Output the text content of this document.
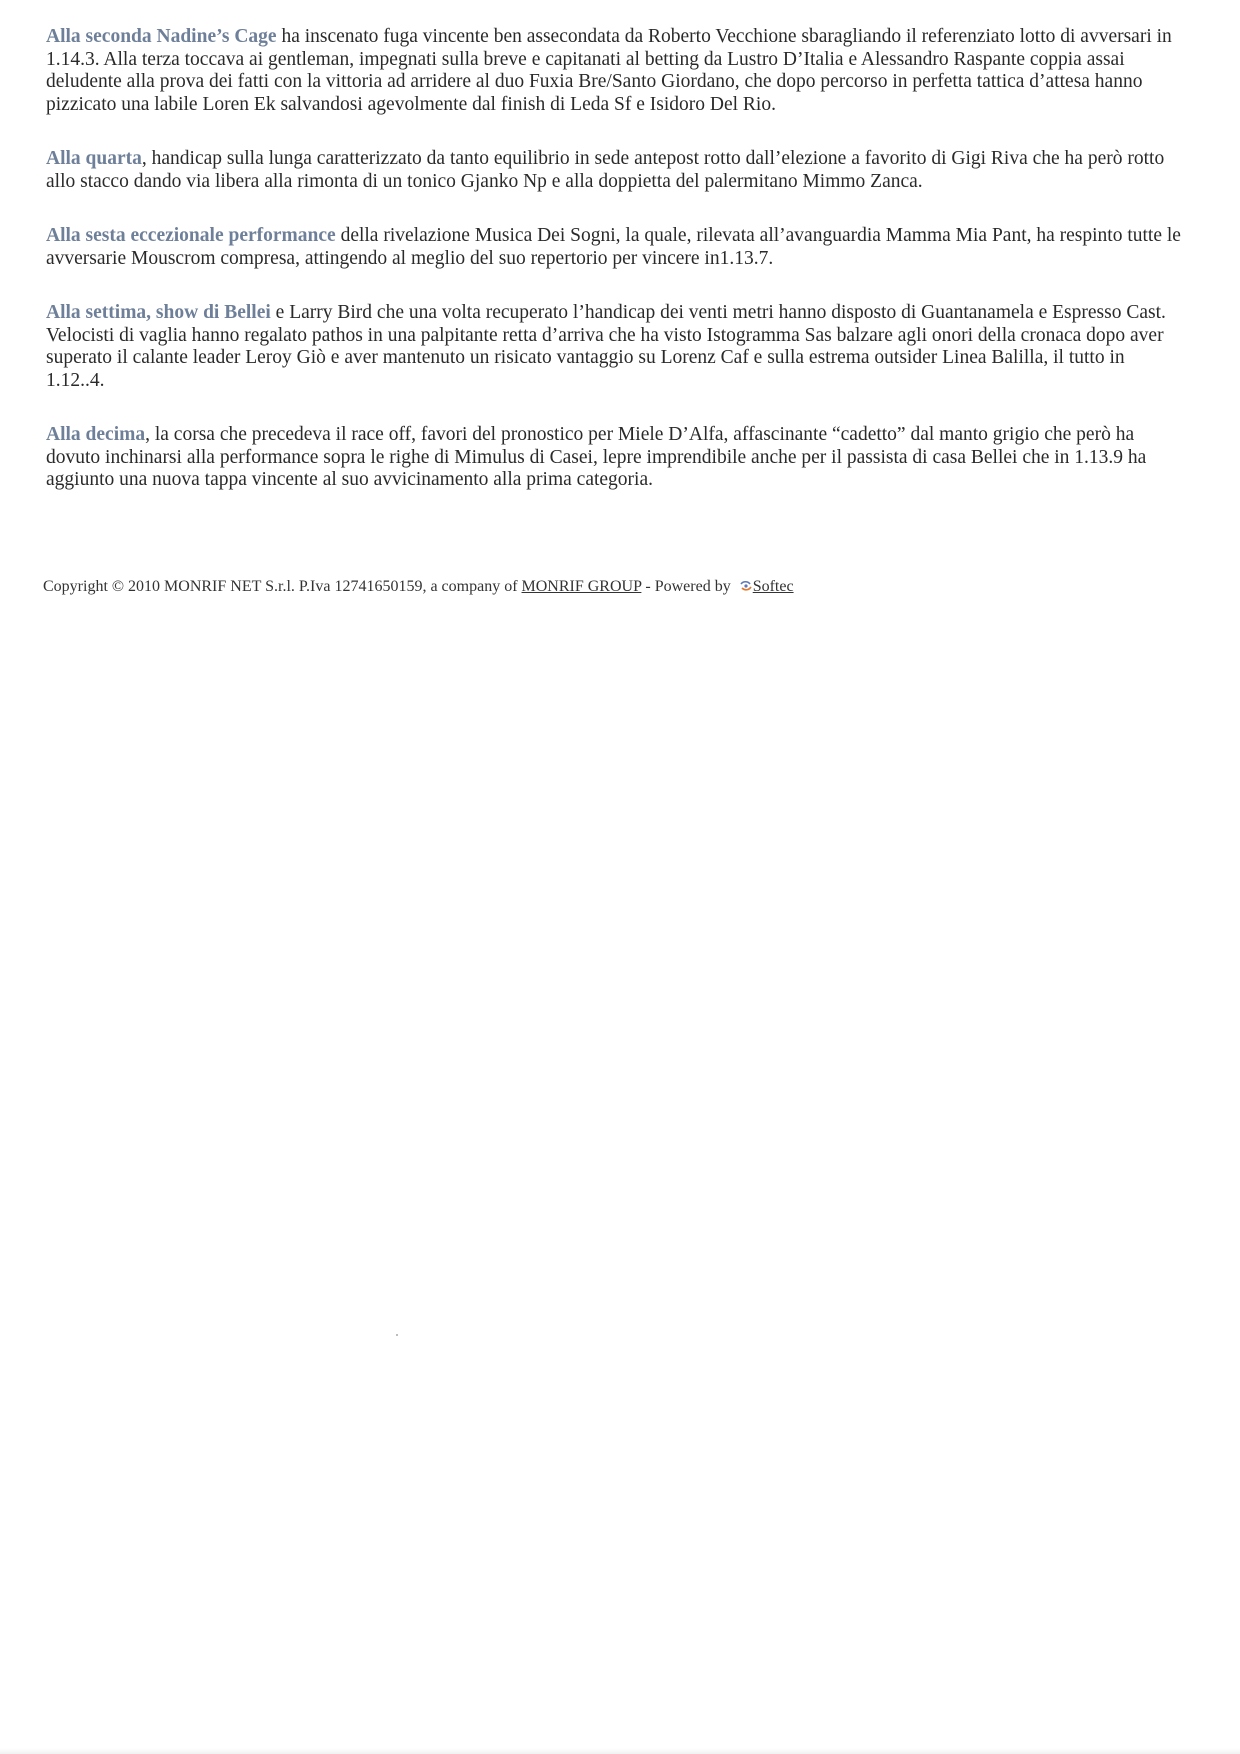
Alla seconda Nadine’s Cage ha inscenato fuga vincente ben assecondata da Roberto Vecchione sbaragliando il referenziato lotto di avversari in 1.14.3. Alla terza toccava ai gentleman, impegnati sulla breve e capitanati al betting da Lustro D’Italia e Alessandro Raspante coppia assai deludente alla prova dei fatti con la vittoria ad arridere al duo Fuxia Bre/Santo Giordano, che dopo percorso in perfetta tattica d’attesa hanno pizzicato una labile Loren Ek salvandosi agevolmente dal finish di Leda Sf e Isidoro Del Rio.

Alla quarta, handicap sulla lunga caratterizzato da tanto equilibrio in sede antepost rotto dall’elezione a favorito di Gigi Riva che ha però rotto allo stacco dando via libera alla rimonta di un tonico Gjanko Np e alla doppietta del palermitano Mimmo Zanca.

Alla sesta eccezionale performance della rivelazione Musica Dei Sogni, la quale, rilevata all’avanguardia Mamma Mia Pant, ha respinto tutte le avversarie Mouscrom compresa, attingendo al meglio del suo repertorio per vincere in1.13.7.

Alla settima, show di Bellei e Larry Bird che una volta recuperato l’handicap dei venti metri hanno disposto di Guantanamela e Espresso Cast. Velocisti di vaglia hanno regalato pathos in una palpitante retta d’arriva che ha visto Istogramma Sas balzare agli onori della cronaca dopo aver superato il calante leader Leroy Giò e aver mantenuto un risicato vantaggio su Lorenz Caf e sulla estrema outsider Linea Balilla, il tutto in 1.12..4.

Alla decima, la corsa che precedeva il race off, favori del pronostico per Miele D’Alfa, affascinante “cadetto” dal manto grigio che però ha dovuto inchinarsi alla performance sopra le righe di Mimulus di Casei, lepre imprendibile anche per il passista di casa Bellei che in 1.13.9 ha aggiunto una nuova tappa vincente al suo avvicinamento alla prima categoria.

Copyright © 2010 MONRIF NET S.r.l. P.Iva 12741650159, a company of MONRIF GROUP - Powered by Softec
